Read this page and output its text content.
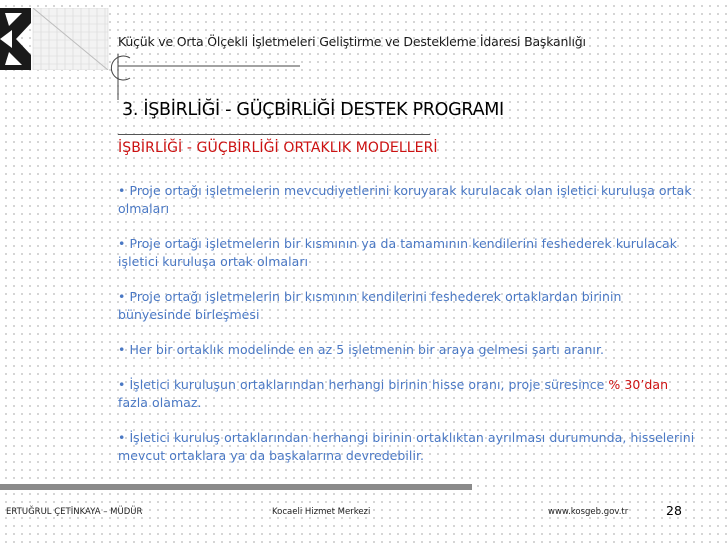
Küçük ve Orta Ölçekli İşletmeleri Geliştirme ve Destekleme İdaresi Başkanlığı
3. İŞBİRLİĞİ - GÜÇBİRLİĞİ DESTEK PROGRAMI
İŞBİRLİĞİ - GÜÇBİRLİĞİ ORTAKLIK MODELLERİ
• Proje ortağı işletmelerin mevcudiyetlerini koruyarak kurulacak olan işletici kuruluşa ortak olmaları
• Proje ortağı işletmelerin bir kısmının ya da tamamının kendilerini feshederek kurulacak işletici kuruluşa ortak olmaları
• Proje ortağı işletmelerin bir kısmının kendilerini feshederek ortaklardan birinin bünyesinde birleşmesi
• Her bir ortaklık modelinde en az 5 işletmenin bir araya gelmesi şartı aranır.
• İşletici kuruluşun ortaklarından herhangi birinin hisse oranı, proje süresince % 30’dan fazla olamaz.
• İşletici kuruluş ortaklarından herhangi birinin ortaklıktan ayrılması durumunda, hisselerini mevcut ortaklara ya da başkalarına devredebilir.
ERTUĞRUL ÇETİNKAYA – MÜDÜR	Kocaeli Hizmet Merkezi	www.kosgeb.gov.tr	28
